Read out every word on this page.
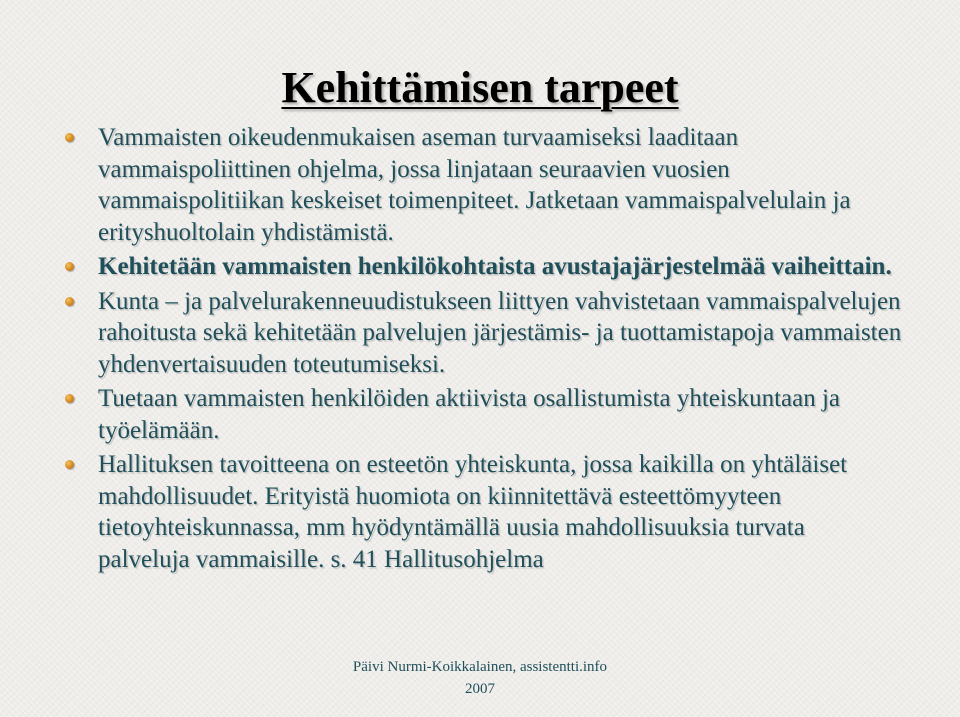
Kehittämisen tarpeet
Vammaisten oikeudenmukaisen aseman turvaamiseksi laaditaan vammaispoliittinen ohjelma, jossa linjataan seuraavien vuosien vammaispolitiikan keskeiset toimenpiteet. Jatketaan vammaispalvelulain ja erityshuoltolain yhdistämistä.
Kehitetään vammaisten henkilökohtaista avustajajärjestelmää vaiheittain.
Kunta – ja palvelurakenneuudistukseen liittyen vahvistetaan vammaispalvelujen rahoitusta sekä kehitetään palvelujen järjestämis- ja tuottamistapoja vammaisten yhdenvertaisuuden toteutumiseksi.
Tuetaan vammaisten henkilöiden aktiivista osallistumista yhteiskuntaan ja työelämään.
Hallituksen tavoitteena on esteetön yhteiskunta, jossa kaikilla on yhtäläiset mahdollisuudet. Erityistä huomiota on kiinnitettävä esteettömyyteen tietoyhteiskunnassa, mm hyödyntämällä uusia mahdollisuuksia turvata palveluja vammaisille. s. 41 Hallitusohjelma
Päivi Nurmi-Koikkalainen, assistentti.info
2007
